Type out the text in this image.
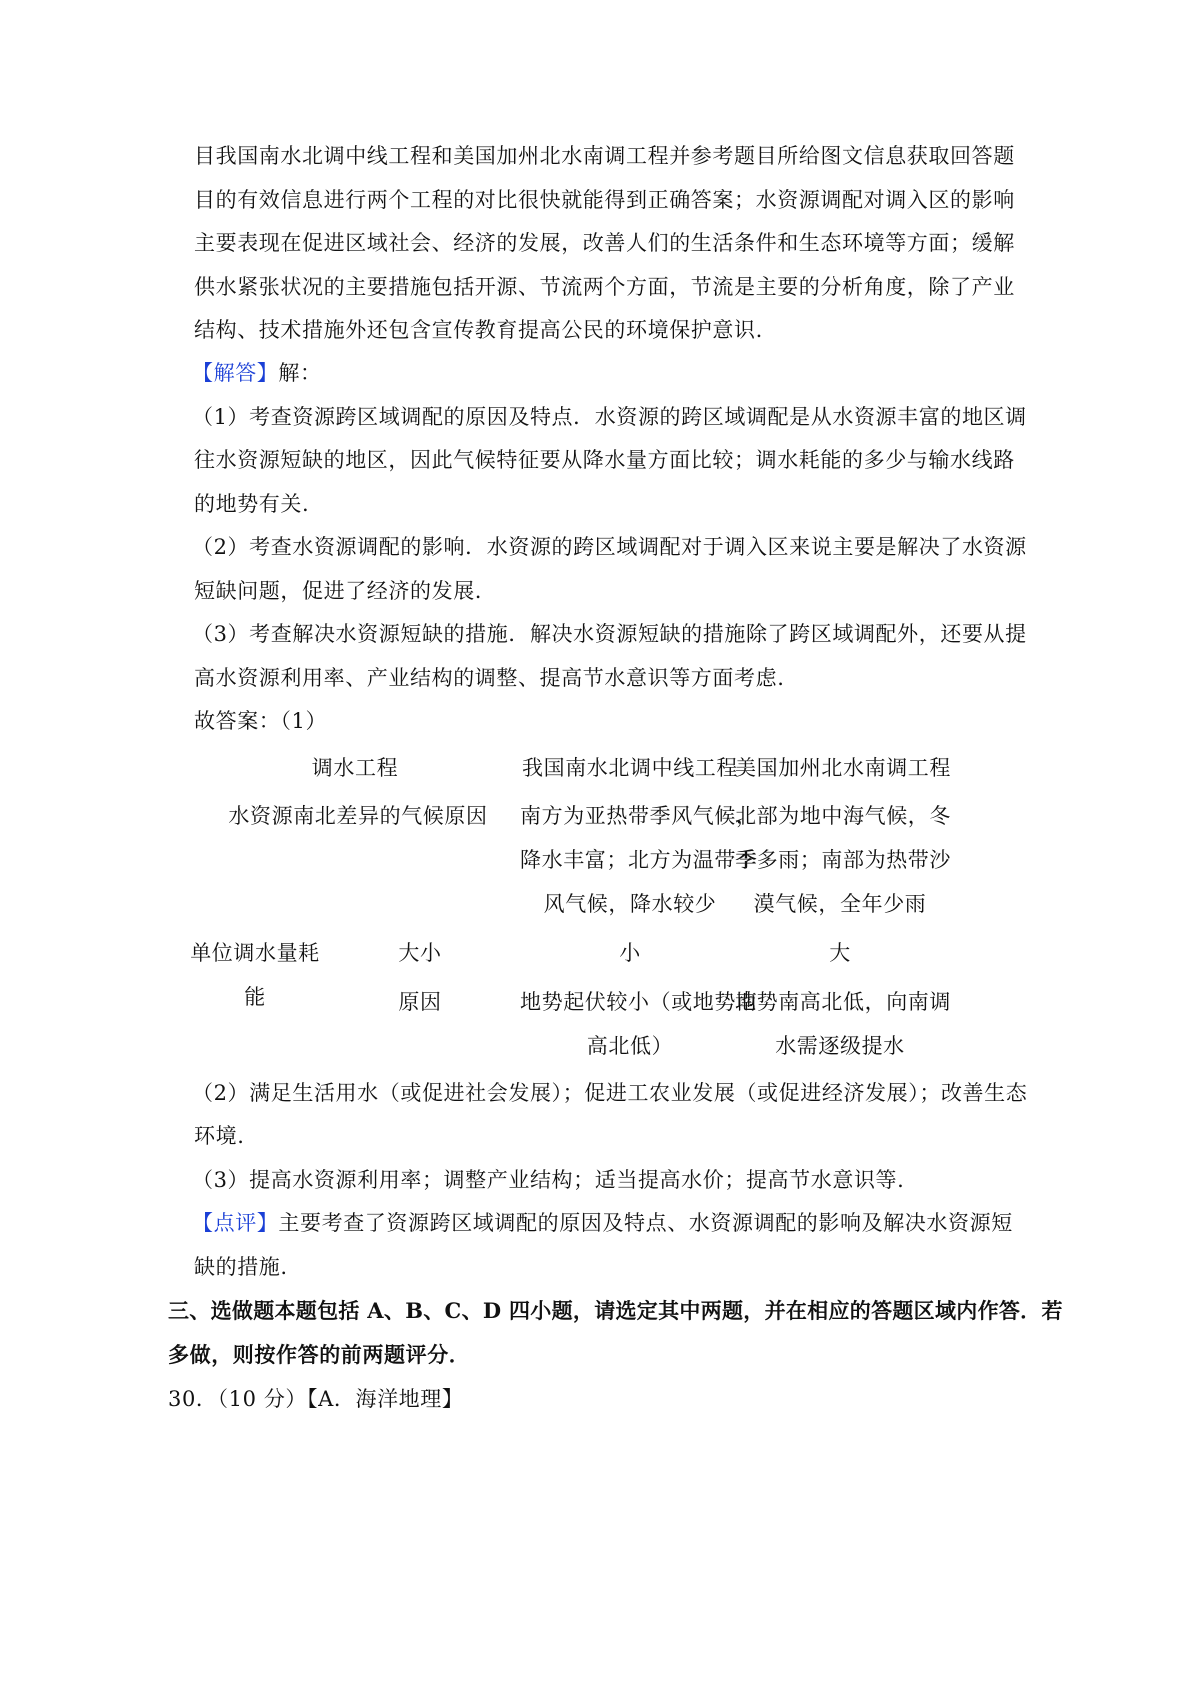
目我国南水北调中线工程和美国加州北水南调工程并参考题目所给图文信息获取回答题
目的有效信息进行两个工程的对比很快就能得到正确答案；水资源调配对调入区的影响
主要表现在促进区域社会、经济的发展，改善人们的生活条件和生态环境等方面；缓解
供水紧张状况的主要措施包括开源、节流两个方面，节流是主要的分析角度，除了产业
结构、技术措施外还包含宣传教育提高公民的环境保护意识.
【解答】解：
（1）考查资源跨区域调配的原因及特点．水资源的跨区域调配是从水资源丰富的地区调
往水资源短缺的地区，因此气候特征要从降水量方面比较；调水耗能的多少与输水线路
的地势有关.
（2）考查水资源调配的影响．水资源的跨区域调配对于调入区来说主要是解决了水资源
短缺问题，促进了经济的发展.
（3）考查解决水资源短缺的措施．解决水资源短缺的措施除了跨区域调配外，还要从提
高水资源利用率、产业结构的调整、提高节水意识等方面考虑.
故答案：（1）
调水工程	我国南水北调中线工程
美国加州北水南调工程
水资源南北差异的气候原因 南方为亚热带季风气候，
降水丰富；北方为温带季
风气候，降水较少
北部为地中海气候，冬
季多雨；南部为热带沙
漠气候，全年少雨
单位调水量耗
能
大小
原因
小	大
地势起伏较小（或地势南
高北低）
地势南高北低，向南调
水需逐级提水
（2）满足生活用水（或促进社会发展）；促进工农业发展（或促进经济发展）；改善生态
环境.
（3）提高水资源利用率；调整产业结构；适当提高水价；提高节水意识等.
【点评】主要考查了资源跨区域调配的原因及特点、水资源调配的影响及解决水资源短
缺的措施.
三、选做题本题包括 A、B、C、D 四小题，请选定其中两题，并在相应的答题区域内作答．若
多做，则按作答的前两题评分．
30．（10 分）【A．海洋地理】
